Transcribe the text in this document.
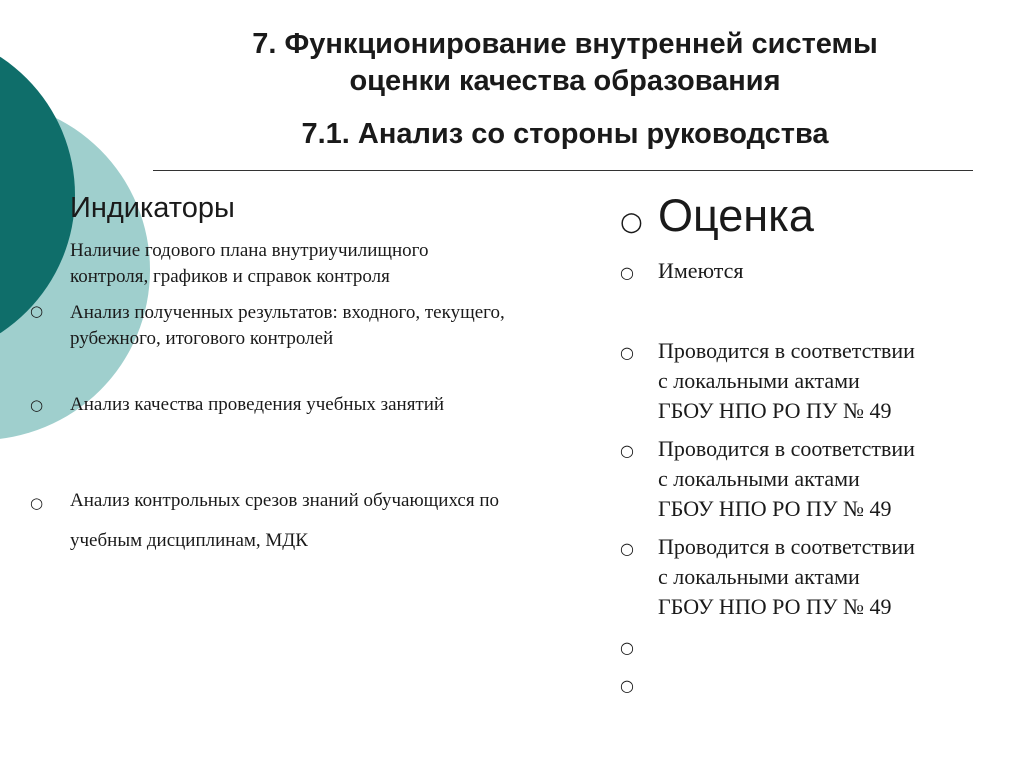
7. Функционирование внутренней системы
оценки качества образования
7.1. Анализ со стороны руководства
Индикаторы
Наличие годового плана внутриучилищного
контроля, графиков и справок контроля
○ Анализ полученных результатов: входного, текущего,
рубежного, итогового контролей
○ Анализ качества проведения учебных занятий
○ Анализ контрольных срезов знаний обучающихся по
учебным дисциплинам, МДК
○ Оценка
○ Имеются
○ Проводится в соответствии
с локальными актами
ГБОУ НПО РО ПУ № 49
○ Проводится в соответствии
с локальными актами
ГБОУ НПО РО ПУ № 49
○ Проводится в соответствии
с локальными актами
ГБОУ НПО РО ПУ № 49
○
○
